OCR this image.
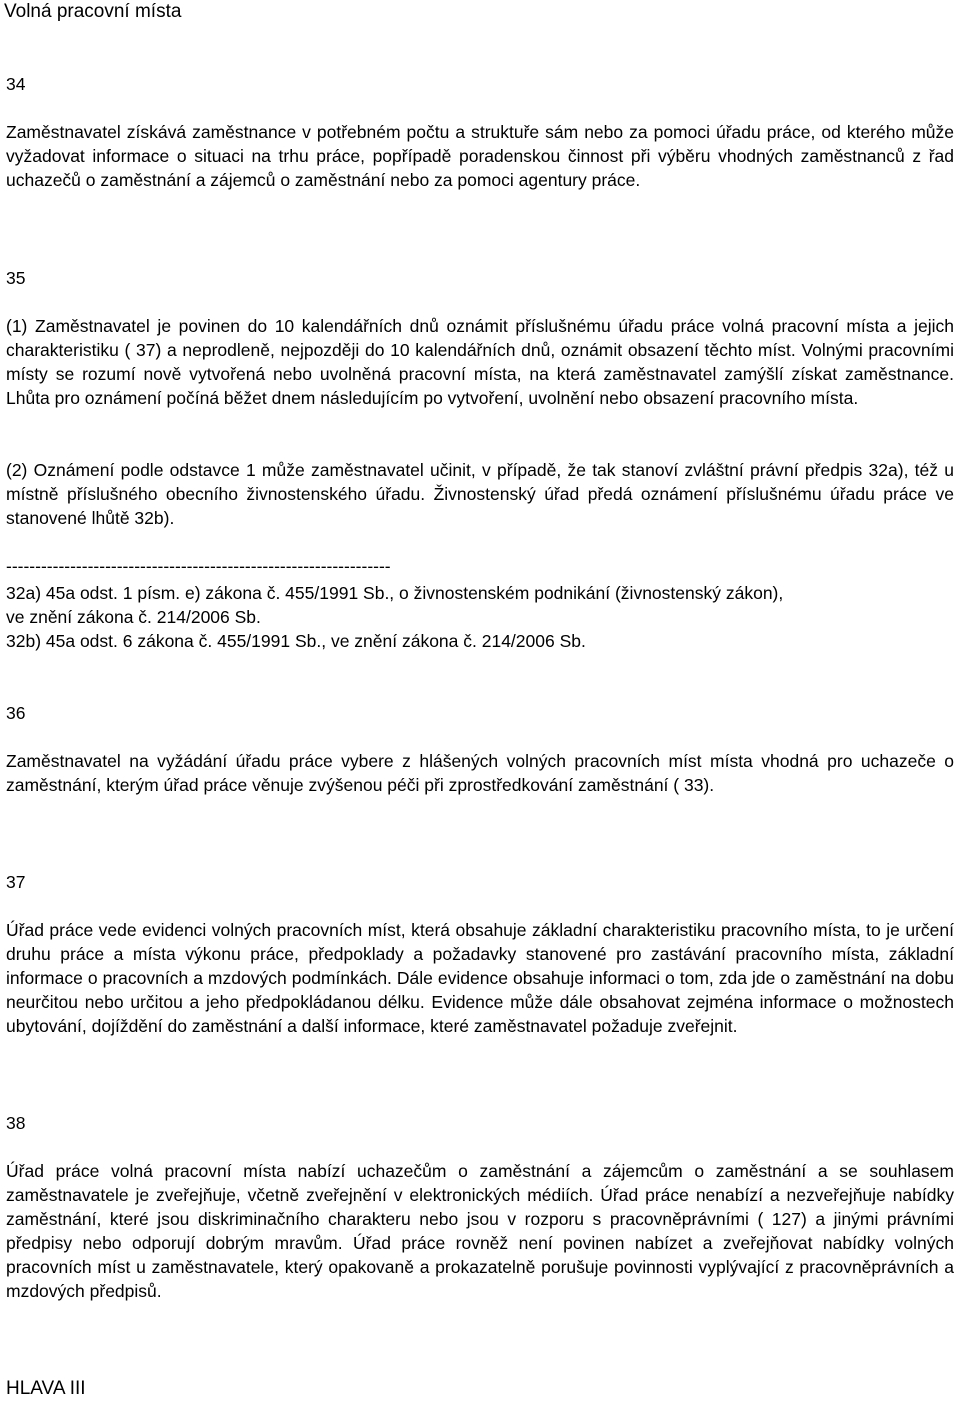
Volná pracovní místa
34

Zaměstnavatel získává zaměstnance v potřebném počtu a struktuře sám nebo za pomoci úřadu práce, od kterého může vyžadovat informace o situaci na trhu práce, popřípadě poradenskou činnost při výběru vhodných zaměstnanců z řad uchazečů o zaměstnání a zájemců o zaměstnání nebo za pomoci agentury práce.

35

(1) Zaměstnavatel je povinen do 10 kalendářních dnů oznámit příslušnému úřadu práce volná pracovní místa a jejich charakteristiku ( 37) a neprodleně, nejpozději do 10 kalendářních dnů, oznámit obsazení těchto míst. Volnými pracovními místy se rozumí nově vytvořená nebo uvolněná pracovní místa, na která zaměstnavatel zamýšlí získat zaměstnance. Lhůta pro oznámení počíná běžet dnem následujícím po vytvoření, uvolnění nebo obsazení pracovního místa.

(2) Oznámení podle odstavce 1 může zaměstnavatel učinit, v případě, že tak stanoví zvláštní právní předpis 32a), též u místně příslušného obecního živnostenského úřadu. Živnostenský úřad předá oznámení příslušnému úřadu práce ve stanovené lhůtě 32b).

------------------------------------------------------------------
32a) 45a odst. 1 písm. e) zákona č. 455/1991 Sb., o živnostenském podnikání (živnostenský zákon),
ve znění zákona č. 214/2006 Sb.
32b) 45a odst. 6 zákona č. 455/1991 Sb., ve znění zákona č. 214/2006 Sb.
36

Zaměstnavatel na vyžádání úřadu práce vybere z hlášených volných pracovních míst místa vhodná pro uchazeče o zaměstnání, kterým úřad práce věnuje zvýšenou péči při zprostředkování zaměstnání ( 33).

37

Úřad práce vede evidenci volných pracovních míst, která obsahuje základní charakteristiku pracovního místa, to je určení druhu práce a místa výkonu práce, předpoklady a požadavky stanovené pro zastávání pracovního místa, základní informace o pracovních a mzdových podmínkách. Dále evidence obsahuje informaci o tom, zda jde o zaměstnání na dobu neurčitou nebo určitou a jeho předpokládanou délku. Evidence může dále obsahovat zejména informace o možnostech ubytování, dojíždění do zaměstnání a další informace, které zaměstnavatel požaduje zveřejnit.

38

Úřad práce volná pracovní místa nabízí uchazečům o zaměstnání a zájemcům o zaměstnání a se souhlasem zaměstnavatele je zveřejňuje, včetně zveřejnění v elektronických médiích. Úřad práce nenabízí a nezveřejňuje nabídky zaměstnání, které jsou diskriminačního charakteru nebo jsou v rozporu s pracovněprávními ( 127) a jinými právními předpisy nebo odporují dobrým mravům. Úřad práce rovněž není povinen nabízet a zveřejňovat nabídky volných pracovních míst u zaměstnavatele, který opakovaně a prokazatelně porušuje povinnosti vyplývající z pracovněprávních a mzdových předpisů.

HLAVA III
